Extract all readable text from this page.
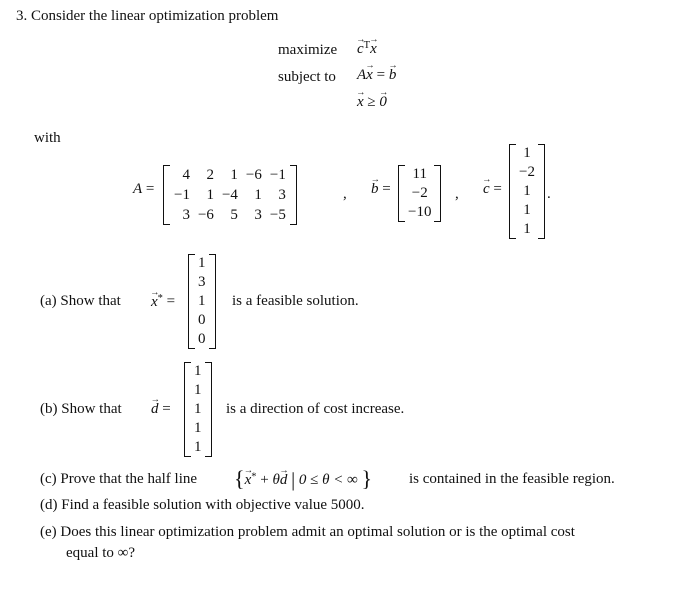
3. Consider the linear optimization problem
maximize → $c^T\to x$
subject to A→ x = → b
→ x ≥ → 0
with
A =
4	2	1	−6	−1
−1	1	−4	1	3
3	−6	5	3	−5
, → b =
11
−2
−10
, → c =
1
−2
1
1
1
.
(a) Show that → x* =
1
3
1
0
0
is a feasible solution.
(b) Show that → d =
1
1
1
1
1
is a direction of cost increase.
(c) Prove that the half line {→ x* + θ→ d | 0 ≤ θ < ∞ } is contained in the feasible region.
(d) Find a feasible solution with objective value 5000.
(e) Does this linear optimization problem admit an optimal solution or is the optimal cost
equal to ∞?
